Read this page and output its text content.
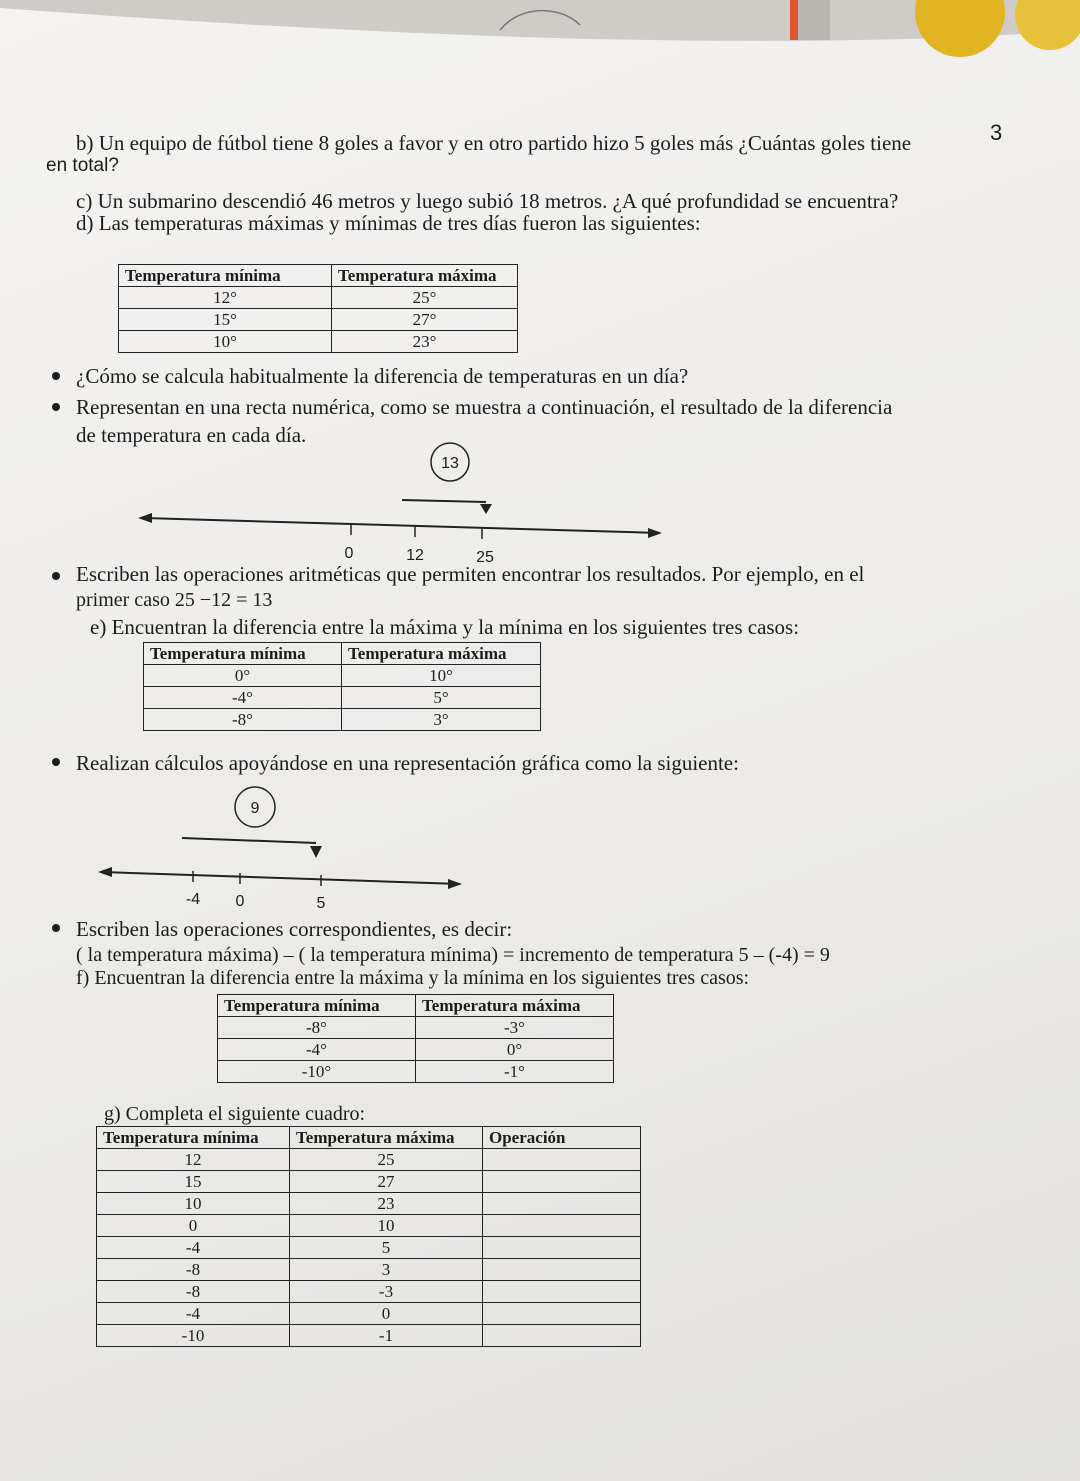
3
en total?
b) Un equipo de fútbol tiene 8 goles a favor y en otro partido hizo 5 goles más ¿Cuántas goles tiene
c) Un submarino descendió 46 metros y luego subió 18 metros. ¿A qué profundidad se encuentra?
d) Las temperaturas máximas y mínimas de tres días fueron las siguientes:
Temperatura mínima	Temperatura máxima
12°	25°
15°	27°
10°	23°
¿Cómo se calcula habitualmente la diferencia de temperaturas en un día?
Representan en una recta numérica, como se muestra a continuación, el resultado de la diferencia
de temperatura en cada día.
13
0	12	25
Escriben las operaciones aritméticas que permiten encontrar los resultados. Por ejemplo, en el
primer caso 25 −12 = 13
e) Encuentran la diferencia entre la máxima y la mínima en los siguientes tres casos:
Temperatura mínima	Temperatura máxima
0°	10°
-4°	5°
-8°	3°
Realizan cálculos apoyándose en una representación gráfica como la siguiente:
9
-4 0	5
Escriben las operaciones correspondientes, es decir:
( la temperatura máxima) – ( la temperatura mínima) = incremento de temperatura 5 – (-4) = 9
f) Encuentran la diferencia entre la máxima y la mínima en los siguientes tres casos:
Temperatura mínima	Temperatura máxima
-8°	-3°
-4°	0°
-10°	-1°
g) Completa el siguiente cuadro:
Temperatura mínima	Temperatura máxima	Operación
12	25	
15	27	
10	23	
0	10	
-4	5	
-8	3	
-8	-3	
-4	0	
-10	-1	
